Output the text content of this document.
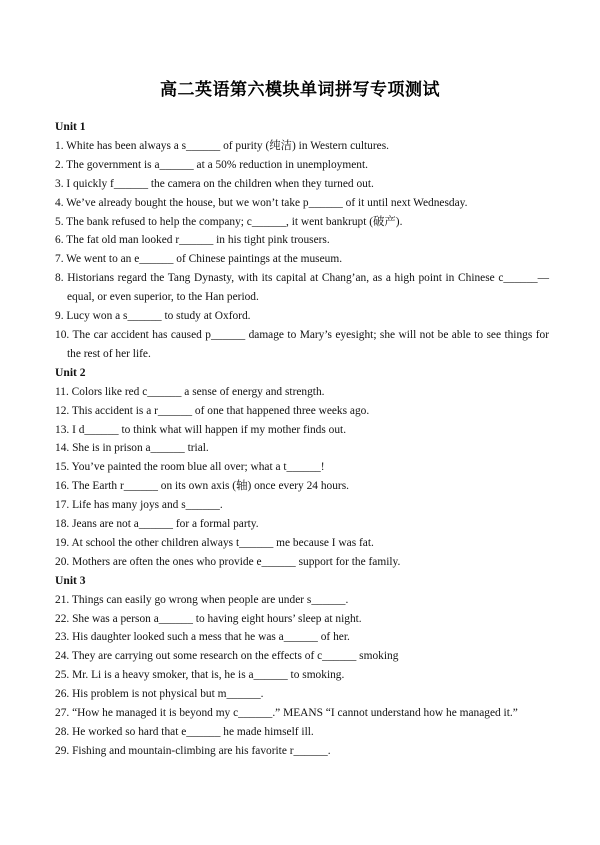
高二英语第六模块单词拼写专项测试

Unit 1

1. White has been always a s______ of purity (纯洁) in Western cultures.

2. The government is a______ at a 50% reduction in unemployment.

3. I quickly f______ the camera on the children when they turned out.

4. We’ve already bought the house, but we won’t take p______ of it until next Wednesday.

5. The bank refused to help the company; c______, it went bankrupt (破产).

6. The fat old man looked r______ in his tight pink trousers.

7. We went to an e______ of Chinese paintings at the museum.

8. Historians regard the Tang Dynasty, with its capital at Chang’an, as a high point in Chinese c______—equal, or even superior, to the Han period.

9. Lucy won a s______ to study at Oxford.

10. The car accident has caused p______ damage to Mary’s eyesight; she will not be able to see things for the rest of her life.

Unit 2

11. Colors like red c______ a sense of energy and strength.

12. This accident is a r______ of one that happened three weeks ago.

13. I d______ to think what will happen if my mother finds out.

14. She is in prison a______ trial.

15. You’ve painted the room blue all over; what a t______!

16. The Earth r______ on its own axis (轴) once every 24 hours.

17. Life has many joys and s______.

18. Jeans are not a______ for a formal party.

19. At school the other children always t______ me because I was fat.

20. Mothers are often the ones who provide e______ support for the family.

Unit 3

21. Things can easily go wrong when people are under s______.

22. She was a person a______ to having eight hours’ sleep at night.

23. His daughter looked such a mess that he was a______ of her.

24. They are carrying out some research on the effects of c______ smoking

25. Mr. Li is a heavy smoker, that is, he is a______ to smoking.

26. His problem is not physical but m______.

27. “How he managed it is beyond my c______.” MEANS “I cannot understand how he managed it.”

28. He worked so hard that e______ he made himself ill.

29. Fishing and mountain-climbing are his favorite r______.
